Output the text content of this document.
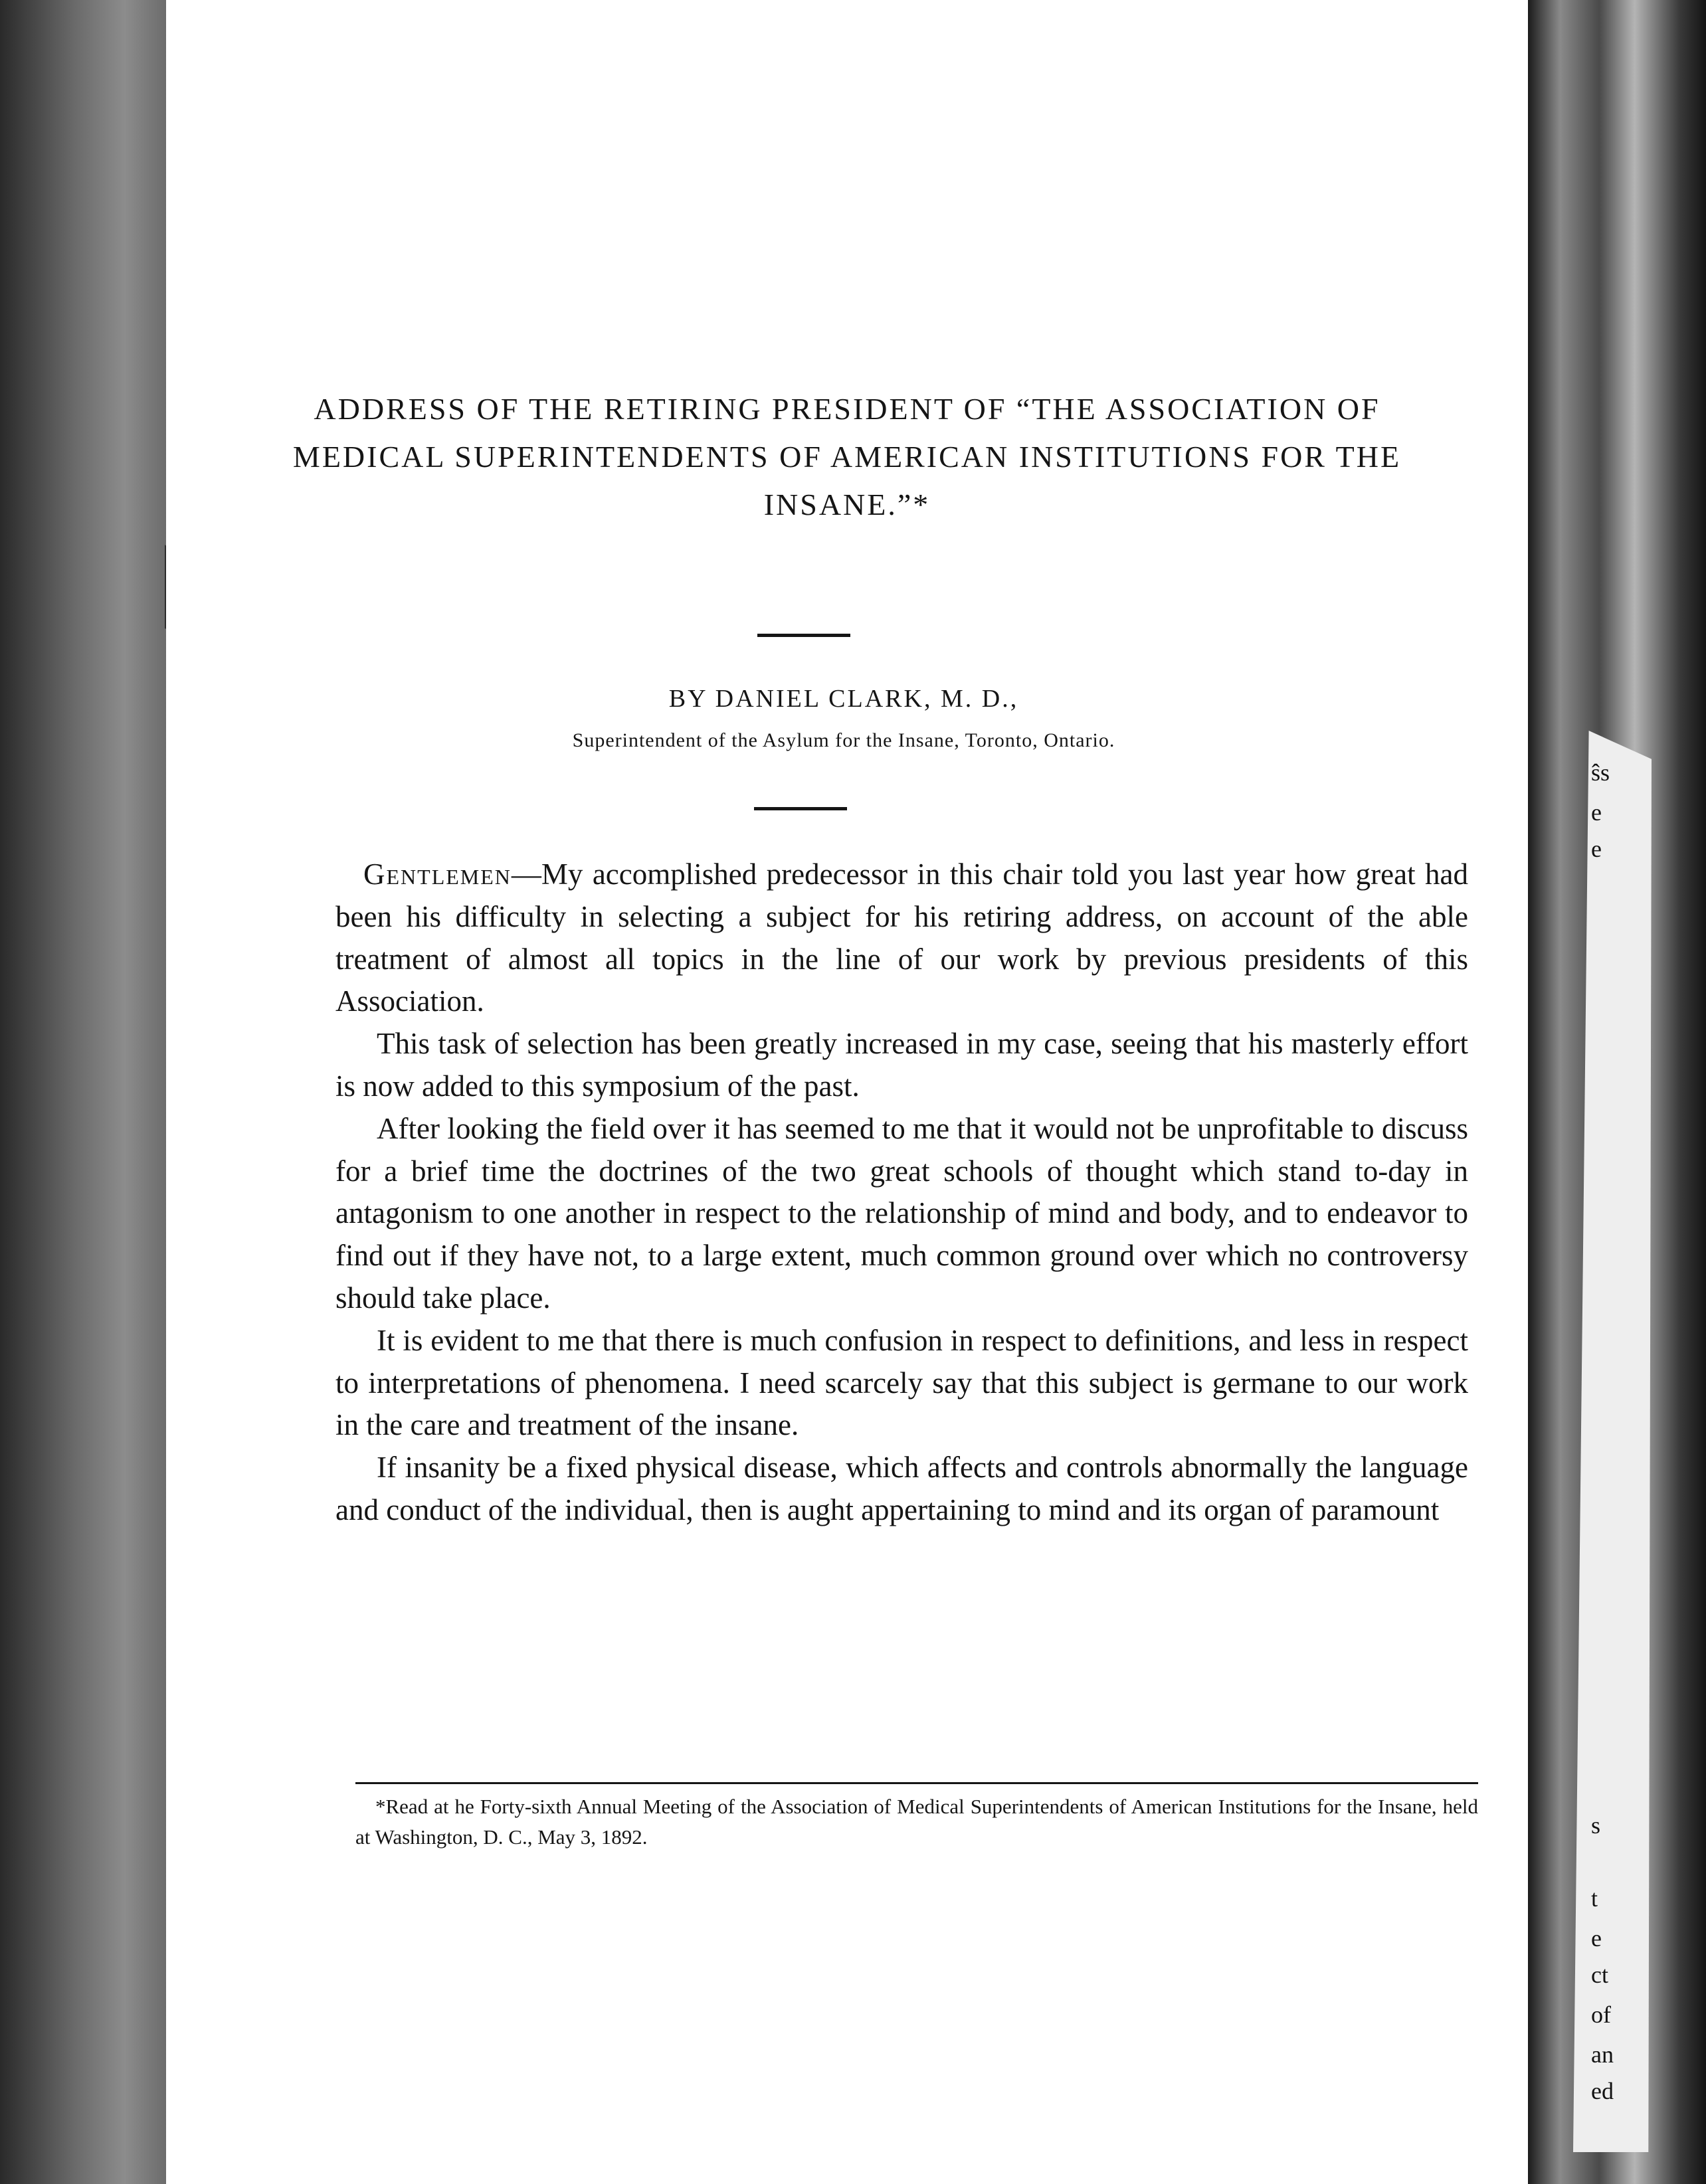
ŝs
e
e
s
t
e
ct
of
an
ed
ADDRESS OF THE RETIRING PRESIDENT OF “THE ASSOCIATION OF MEDICAL SUPERINTENDENTS OF AMERICAN INSTITUTIONS FOR THE INSANE.”*
BY DANIEL CLARK, M. D.,
Superintendent of the Asylum for the Insane, Toronto, Ontario.

Gentlemen—My accomplished predecessor in this chair told you last year how great had been his difficulty in selecting a subject for his retiring address, on account of the able treatment of almost all topics in the line of our work by previous presidents of this Association.

This task of selection has been greatly increased in my case, seeing that his masterly effort is now added to this symposium of the past.

After looking the field over it has seemed to me that it would not be unprofitable to discuss for a brief time the doctrines of the two great schools of thought which stand to-day in antagonism to one another in respect to the relationship of mind and body, and to endeavor to find out if they have not, to a large extent, much common ground over which no controversy should take place.

It is evident to me that there is much confusion in respect to definitions, and less in respect to interpretations of phenomena. I need scarcely say that this subject is germane to our work in the care and treatment of the insane.

If insanity be a fixed physical disease, which affects and controls abnormally the language and conduct of the individual, then is aught appertaining to mind and its organ of paramount

*Read at he Forty-sixth Annual Meeting of the Association of Medical Superintendents of American Institutions for the Insane, held at Washington, D. C., May 3, 1892.
